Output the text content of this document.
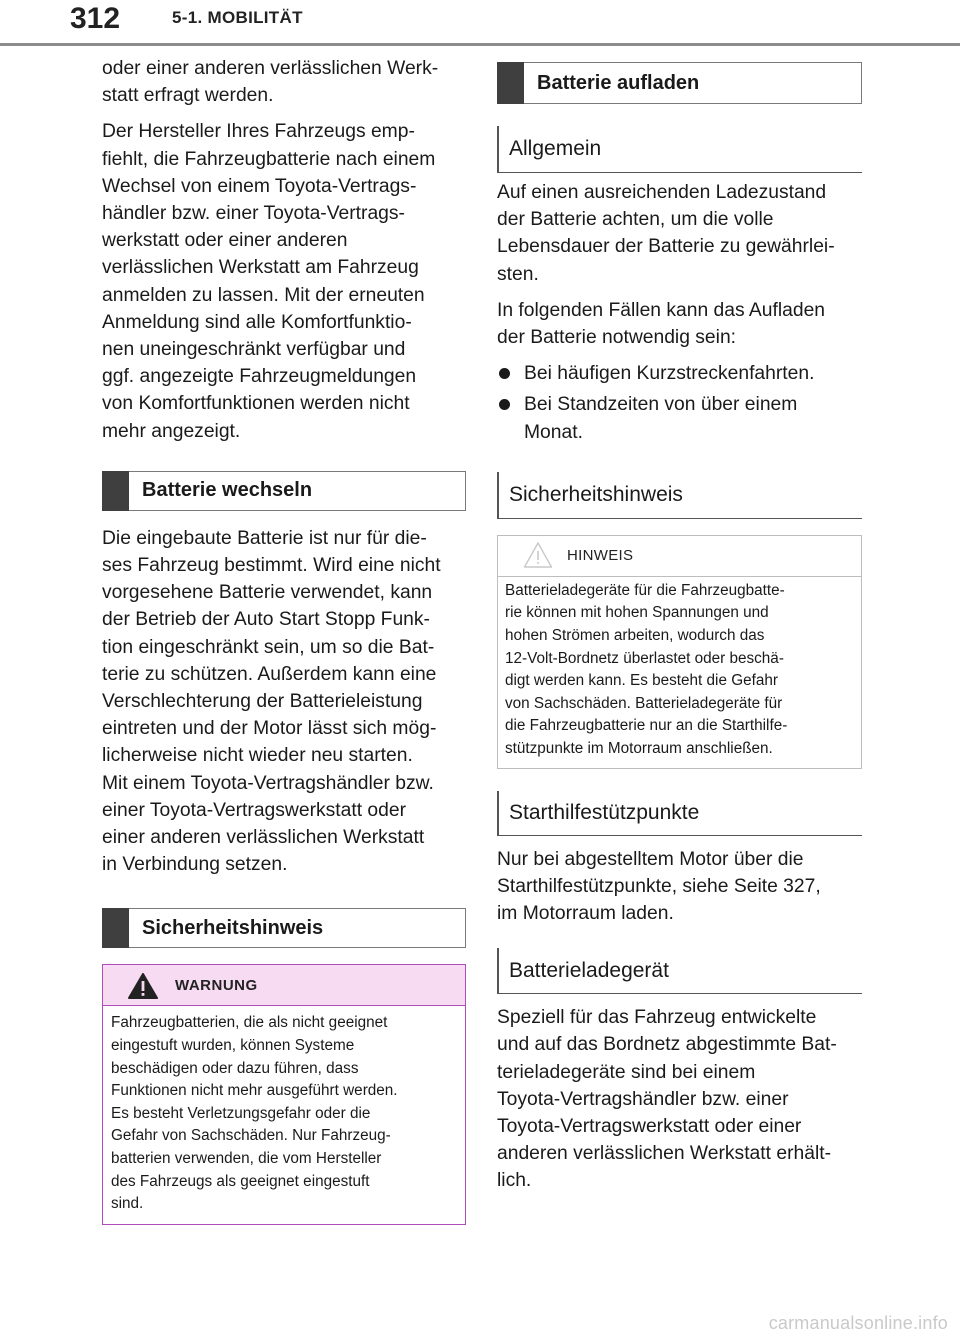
312	5-1. MOBILITÄT

oder einer anderen verlässlichen Werk-
statt erfragt werden.

Der Hersteller Ihres Fahrzeugs emp-
fiehlt, die Fahrzeugbatterie nach einem
Wechsel von einem Toyota-Vertrags-
händler bzw. einer Toyota-Vertrags-
werkstatt oder einer anderen
verlässlichen Werkstatt am Fahrzeug
anmelden zu lassen. Mit der erneuten
Anmeldung sind alle Komfortfunktio-
nen uneingeschränkt verfügbar und
ggf. angezeigte Fahrzeugmeldungen
von Komfortfunktionen werden nicht
mehr angezeigt.

Batterie wechseln

Die eingebaute Batterie ist nur für die-
ses Fahrzeug bestimmt. Wird eine nicht
vorgesehene Batterie verwendet, kann
der Betrieb der Auto Start Stopp Funk-
tion eingeschränkt sein, um so die Bat-
terie zu schützen. Außerdem kann eine
Verschlechterung der Batterieleistung
eintreten und der Motor lässt sich mög-
licherweise nicht wieder neu starten.
Mit einem Toyota-Vertragshändler bzw.
einer Toyota-Vertragswerkstatt oder
einer anderen verlässlichen Werkstatt
in Verbindung setzen.

Sicherheitshinweis
WARNUNG
Fahrzeugbatterien, die als nicht geeignet
eingestuft wurden, können Systeme
beschädigen oder dazu führen, dass
Funktionen nicht mehr ausgeführt werden.
Es besteht Verletzungsgefahr oder die
Gefahr von Sachschäden. Nur Fahrzeug-
batterien verwenden, die vom Hersteller
des Fahrzeugs als geeignet eingestuft
sind.
Batterie aufladen
Allgemein

Auf einen ausreichenden Ladezustand
der Batterie achten, um die volle
Lebensdauer der Batterie zu gewährlei-
sten.

In folgenden Fällen kann das Aufladen
der Batterie notwendig sein:

Bei häufigen Kurzstreckenfahrten.
Bei Standzeiten von über einem
Monat.
Sicherheitshinweis
HINWEIS
Batterieladegeräte für die Fahrzeugbatte-
rie können mit hohen Spannungen und
hohen Strömen arbeiten, wodurch das
12-Volt-Bordnetz überlastet oder beschä-
digt werden kann. Es besteht die Gefahr
von Sachschäden. Batterieladegeräte für
die Fahrzeugbatterie nur an die Starthilfe-
stützpunkte im Motorraum anschließen.
Starthilfestützpunkte

Nur bei abgestelltem Motor über die
Starthilfestützpunkte, siehe Seite 327,
im Motorraum laden.

Batterieladegerät

Speziell für das Fahrzeug entwickelte
und auf das Bordnetz abgestimmte Bat-
terieladegeräte sind bei einem
Toyota-Vertragshändler bzw. einer
Toyota-Vertragswerkstatt oder einer
anderen verlässlichen Werkstatt erhält-
lich.

carmanualsonline.info
